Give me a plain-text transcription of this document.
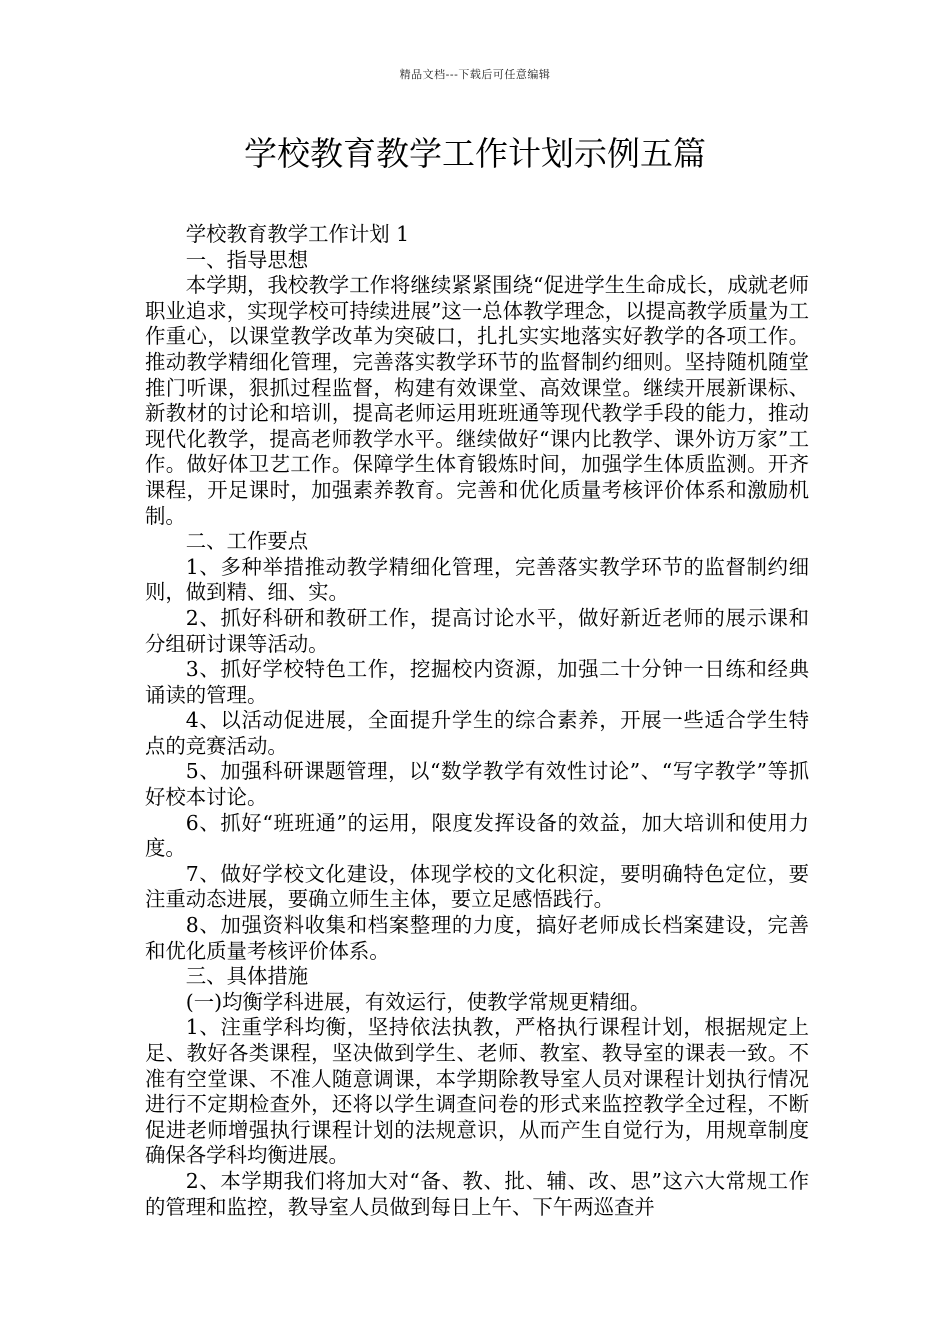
精品文档---下载后可任意编辑
学校教育教学工作计划示例五篇

学校教育教学工作计划 1

一、指导思想

本学期，我校教学工作将继续紧紧围绕“促进学生生命成长，成就老师职业追求，实现学校可持续进展”这一总体教学理念，以提高教学质量为工作重心，以课堂教学改革为突破口，扎扎实实地落实好教学的各项工作。推动教学精细化管理，完善落实教学环节的监督制约细则。坚持随机随堂推门听课，狠抓过程监督，构建有效课堂、高效课堂。继续开展新课标、新教材的讨论和培训，提高老师运用班班通等现代教学手段的能力，推动现代化教学，提高老师教学水平。继续做好“课内比教学、课外访万家”工作。做好体卫艺工作。保障学生体育锻炼时间，加强学生体质监测。开齐课程，开足课时，加强素养教育。完善和优化质量考核评价体系和激励机制。

二、工作要点

1、多种举措推动教学精细化管理，完善落实教学环节的监督制约细则，做到精、细、实。

2、抓好科研和教研工作，提高讨论水平，做好新近老师的展示课和分组研讨课等活动。

3、抓好学校特色工作，挖掘校内资源，加强二十分钟一日练和经典诵读的管理。

4、以活动促进展，全面提升学生的综合素养，开展一些适合学生特点的竞赛活动。

5、加强科研课题管理，以“数学教学有效性讨论”、“写字教学”等抓好校本讨论。

6、抓好“班班通”的运用，限度发挥设备的效益，加大培训和使用力度。

7、做好学校文化建设，体现学校的文化积淀，要明确特色定位，要注重动态进展，要确立师生主体，要立足感悟践行。

8、加强资料收集和档案整理的力度，搞好老师成长档案建设，完善和优化质量考核评价体系。

三、具体措施

(一)均衡学科进展，有效运行，使教学常规更精细。

1、注重学科均衡，坚持依法执教，严格执行课程计划，根据规定上足、教好各类课程，坚决做到学生、老师、教室、教导室的课表一致。不准有空堂课、不准人随意调课，本学期除教导室人员对课程计划执行情况进行不定期检查外，还将以学生调查问卷的形式来监控教学全过程，不断促进老师增强执行课程计划的法规意识，从而产生自觉行为，用规章制度确保各学科均衡进展。

2、本学期我们将加大对“备、教、批、辅、改、思”这六大常规工作的管理和监控，教导室人员做到每日上午、下午两巡查并
